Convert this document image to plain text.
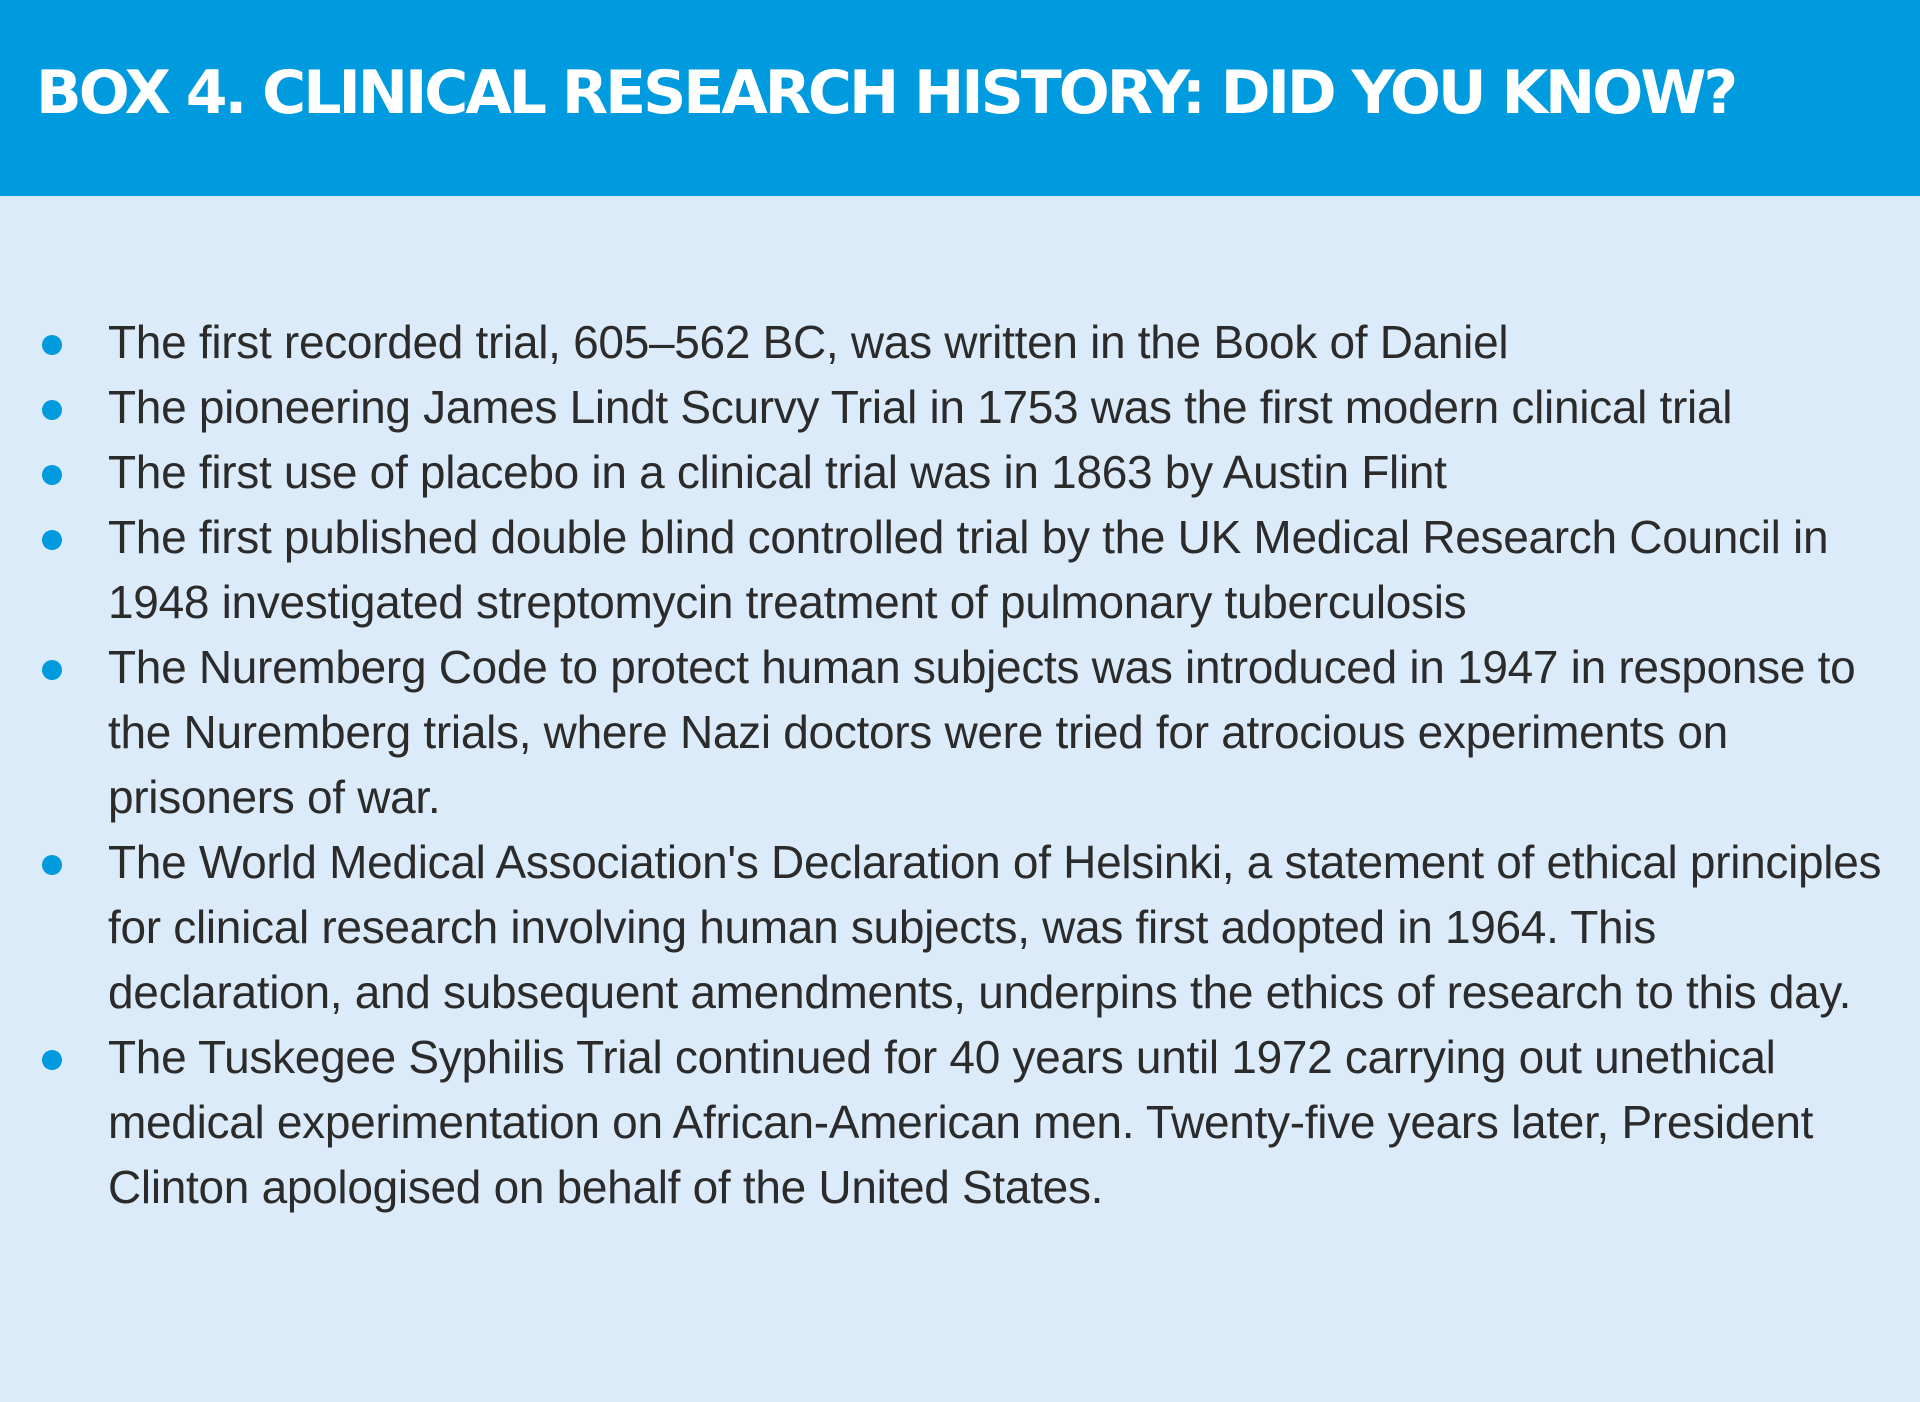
BOX 4. CLINICAL RESEARCH HISTORY: DID YOU KNOW?
The first recorded trial, 605–562 BC, was written in the Book of Daniel
The pioneering James Lindt Scurvy Trial in 1753 was the first modern clinical trial
The first use of placebo in a clinical trial was in 1863 by Austin Flint
The first published double blind controlled trial by the UK Medical Research Council in 1948 investigated streptomycin treatment of pulmonary tuberculosis
The Nuremberg Code to protect human subjects was introduced in 1947 in response to the Nuremberg trials, where Nazi doctors were tried for atrocious experiments on prisoners of war.
The World Medical Association's Declaration of Helsinki, a statement of ethical principles for clinical research involving human subjects, was first adopted in 1964. This declaration, and subsequent amendments, underpins the ethics of research to this day.
The Tuskegee Syphilis Trial continued for 40 years until 1972 carrying out unethical medical experimentation on African-American men. Twenty-five years later, President Clinton apologised on behalf of the United States.
